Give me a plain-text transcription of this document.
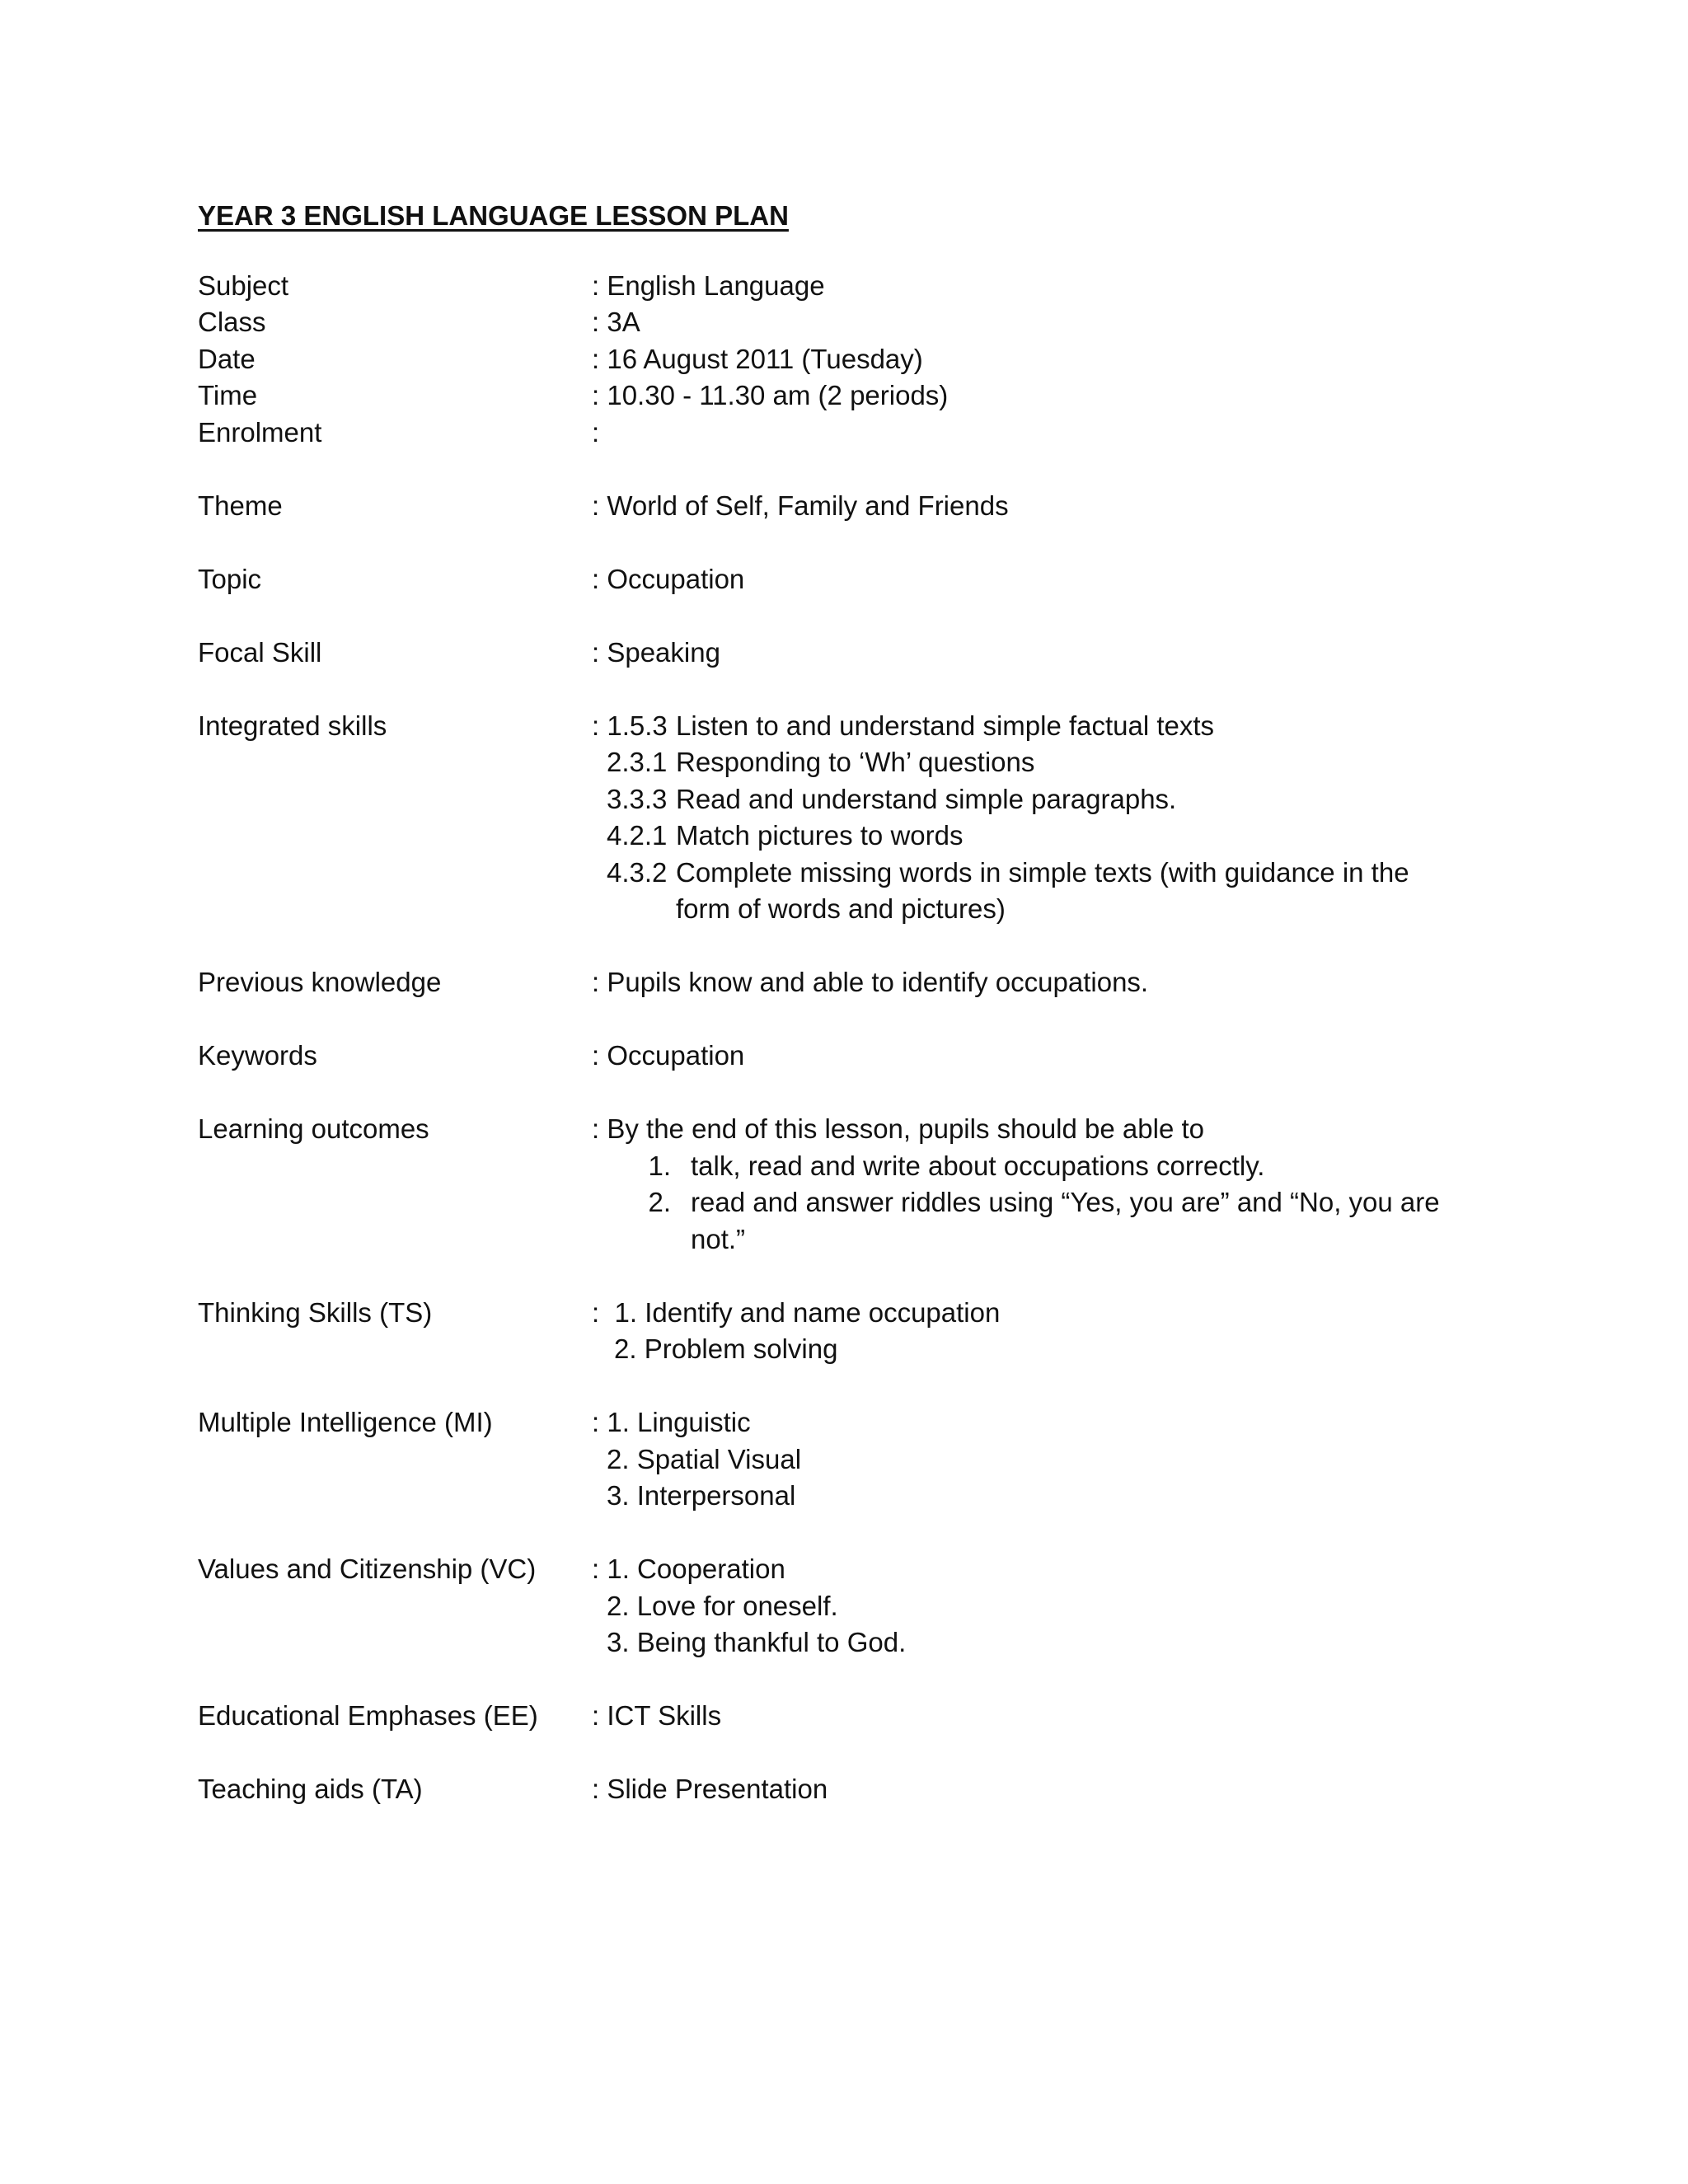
YEAR 3 ENGLISH LANGUAGE LESSON PLAN
Subject	: English Language
Class	: 3A
Date	: 16 August 2011 (Tuesday)
Time	: 10.30 - 11.30 am (2 periods)
Enrolment	:
Theme	: World of Self, Family and Friends
Topic	: Occupation
Focal Skill	: Speaking
Integrated skills	: 1.5.3 Listen to and understand simple factual texts
2.3.1 Responding to ‘Wh’ questions
3.3.3 Read and understand simple paragraphs.
4.2.1 Match pictures to words
4.3.2 Complete missing words in simple texts (with guidance in the form of words and pictures)
Previous knowledge	: Pupils know and able to identify occupations.
Keywords	: Occupation
Learning outcomes	: By the end of this lesson, pupils should be able to
1. talk, read and write about occupations correctly.
2. read and answer riddles using “Yes, you are” and “No, you are not.”
Thinking Skills (TS)	:  1. Identify and name occupation
2. Problem solving
Multiple Intelligence (MI)	: 1. Linguistic
2. Spatial Visual
3. Interpersonal
Values and Citizenship (VC)	: 1. Cooperation
2. Love for oneself.
3. Being thankful to God.
Educational Emphases (EE)	: ICT Skills
Teaching aids (TA)	: Slide Presentation
